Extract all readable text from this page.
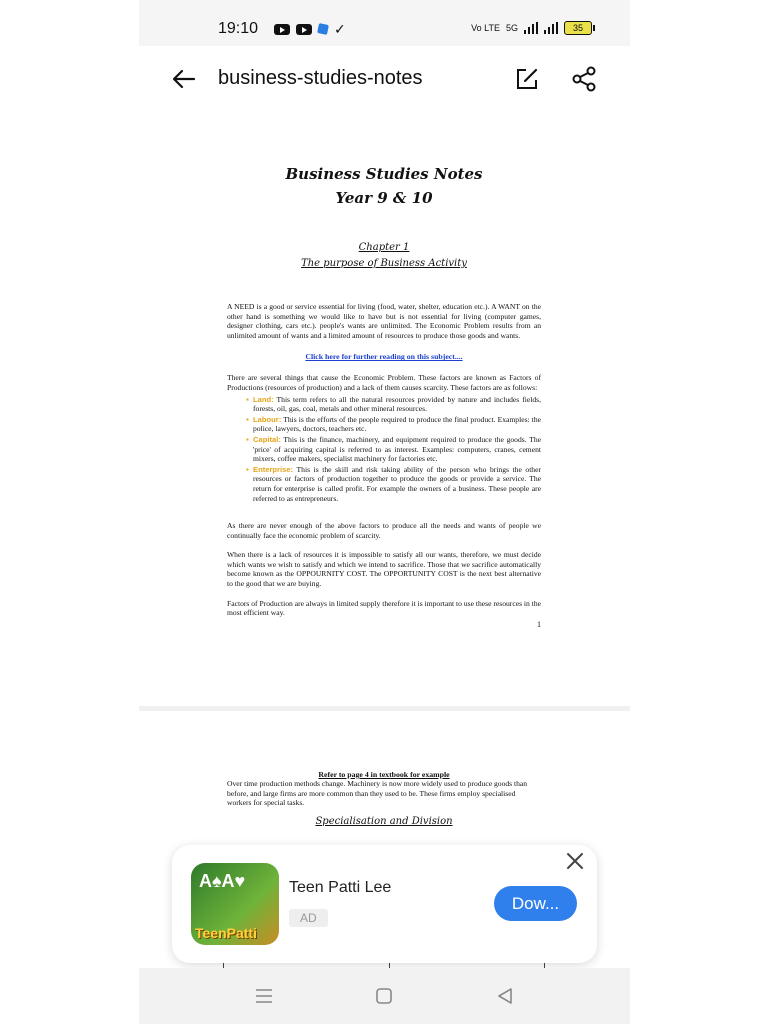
19:10	✓	Vo LTE 5G	35
business-studies-notes
Business Studies Notes
Year 9 & 10
Chapter 1
The purpose of Business Activity

A NEED is a good or service essential for living (food, water, shelter, education etc.). A WANT on the other hand is something we would like to have but is not essential for living (computer games, designer clothing, cars etc.). people's wants are unlimited. The Economic Problem results from an unlimited amount of wants and a limited amount of resources to produce those goods and wants.

Click here for further reading on this subject....

There are several things that cause the Economic Problem. These factors are known as Factors of Productions (resources of production) and a lack of them causes scarcity. These factors are as follows:

▪ Land: This term refers to all the natural resources provided by nature and includes fields, forests, oil, gas, coal, metals and other mineral resources.
▪ Labour: This is the efforts of the people required to produce the final product. Examples: the police, lawyers, doctors, teachers etc.
▪ Capital: This is the finance, machinery, and equipment required to produce the goods. The 'price' of acquiring capital is referred to as interest. Examples: computers, cranes, cement mixers, coffee makers, specialist machinery for factories etc.
▪ Enterprise: This is the skill and risk taking ability of the person who brings the other resources or factors of production together to produce the goods or provide a service. The return for enterprise is called profit. For example the owners of a business. These people are referred to as entrepreneurs.

As there are never enough of the above factors to produce all the needs and wants of people we continually face the economic problem of scarcity.

When there is a lack of resources it is impossible to satisfy all our wants, therefore, we must decide which wants we wish to satisfy and which we intend to sacrifice. Those that we sacrifice automatically become known as the OPPOURNITY COST. The OPPORTUNITY COST is the next best alternative to the good that we are buying.

Factors of Production are always in limited supply therefore it is important to use these resources in the most efficient way.

1
Refer to page 4 in textbook for example

Over time production methods change. Machinery is now more widely used to produce goods than before, and large firms are more common than they used to be. These firms employ specialised workers for special tasks.

Specialisation and Division
A♠A♥
TeenPatti
Teen Patti Lee
AD
Dow...
